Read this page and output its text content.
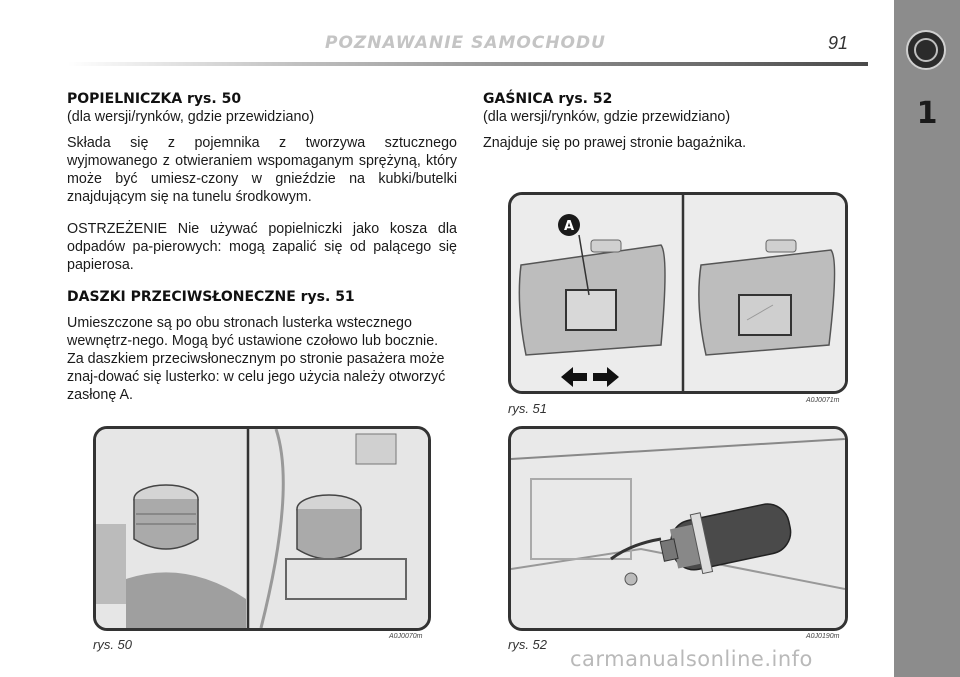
1
POZNAWANIE SAMOCHODU	91
POPIELNICZKA rys. 50

(dla wersji/rynków, gdzie przewidziano)

Składa się z pojemnika z tworzywa sztucznego wyjmowanego z otwieraniem wspomaganym sprężyną, który może być umiesz-czony w gnieździe na kubki/butelki znajdującym się na tunelu środkowym.

OSTRZEŻENIE Nie używać popielniczki jako kosza dla odpadów pa-pierowych: mogą zapalić się od palącego się papierosa.

DASZKI PRZECIWSŁONECZNE rys. 51

Umieszczone są po obu stronach lusterka wstecznego wewnętrz-nego. Mogą być ustawione czołowo lub bocznie.

Za daszkiem przeciwsłonecznym po stronie pasażera może znaj-dować się lusterko: w celu jego użycia należy otworzyć zasłonę A.

GAŚNICA rys. 52

(dla wersji/rynków, gdzie przewidziano)

Znajduje się po prawej stronie bagażnika.

A
rys. 51
A0J0071m
rys. 50
A0J0070m
rys. 52
A0J0190m
carmanualsonline.info
